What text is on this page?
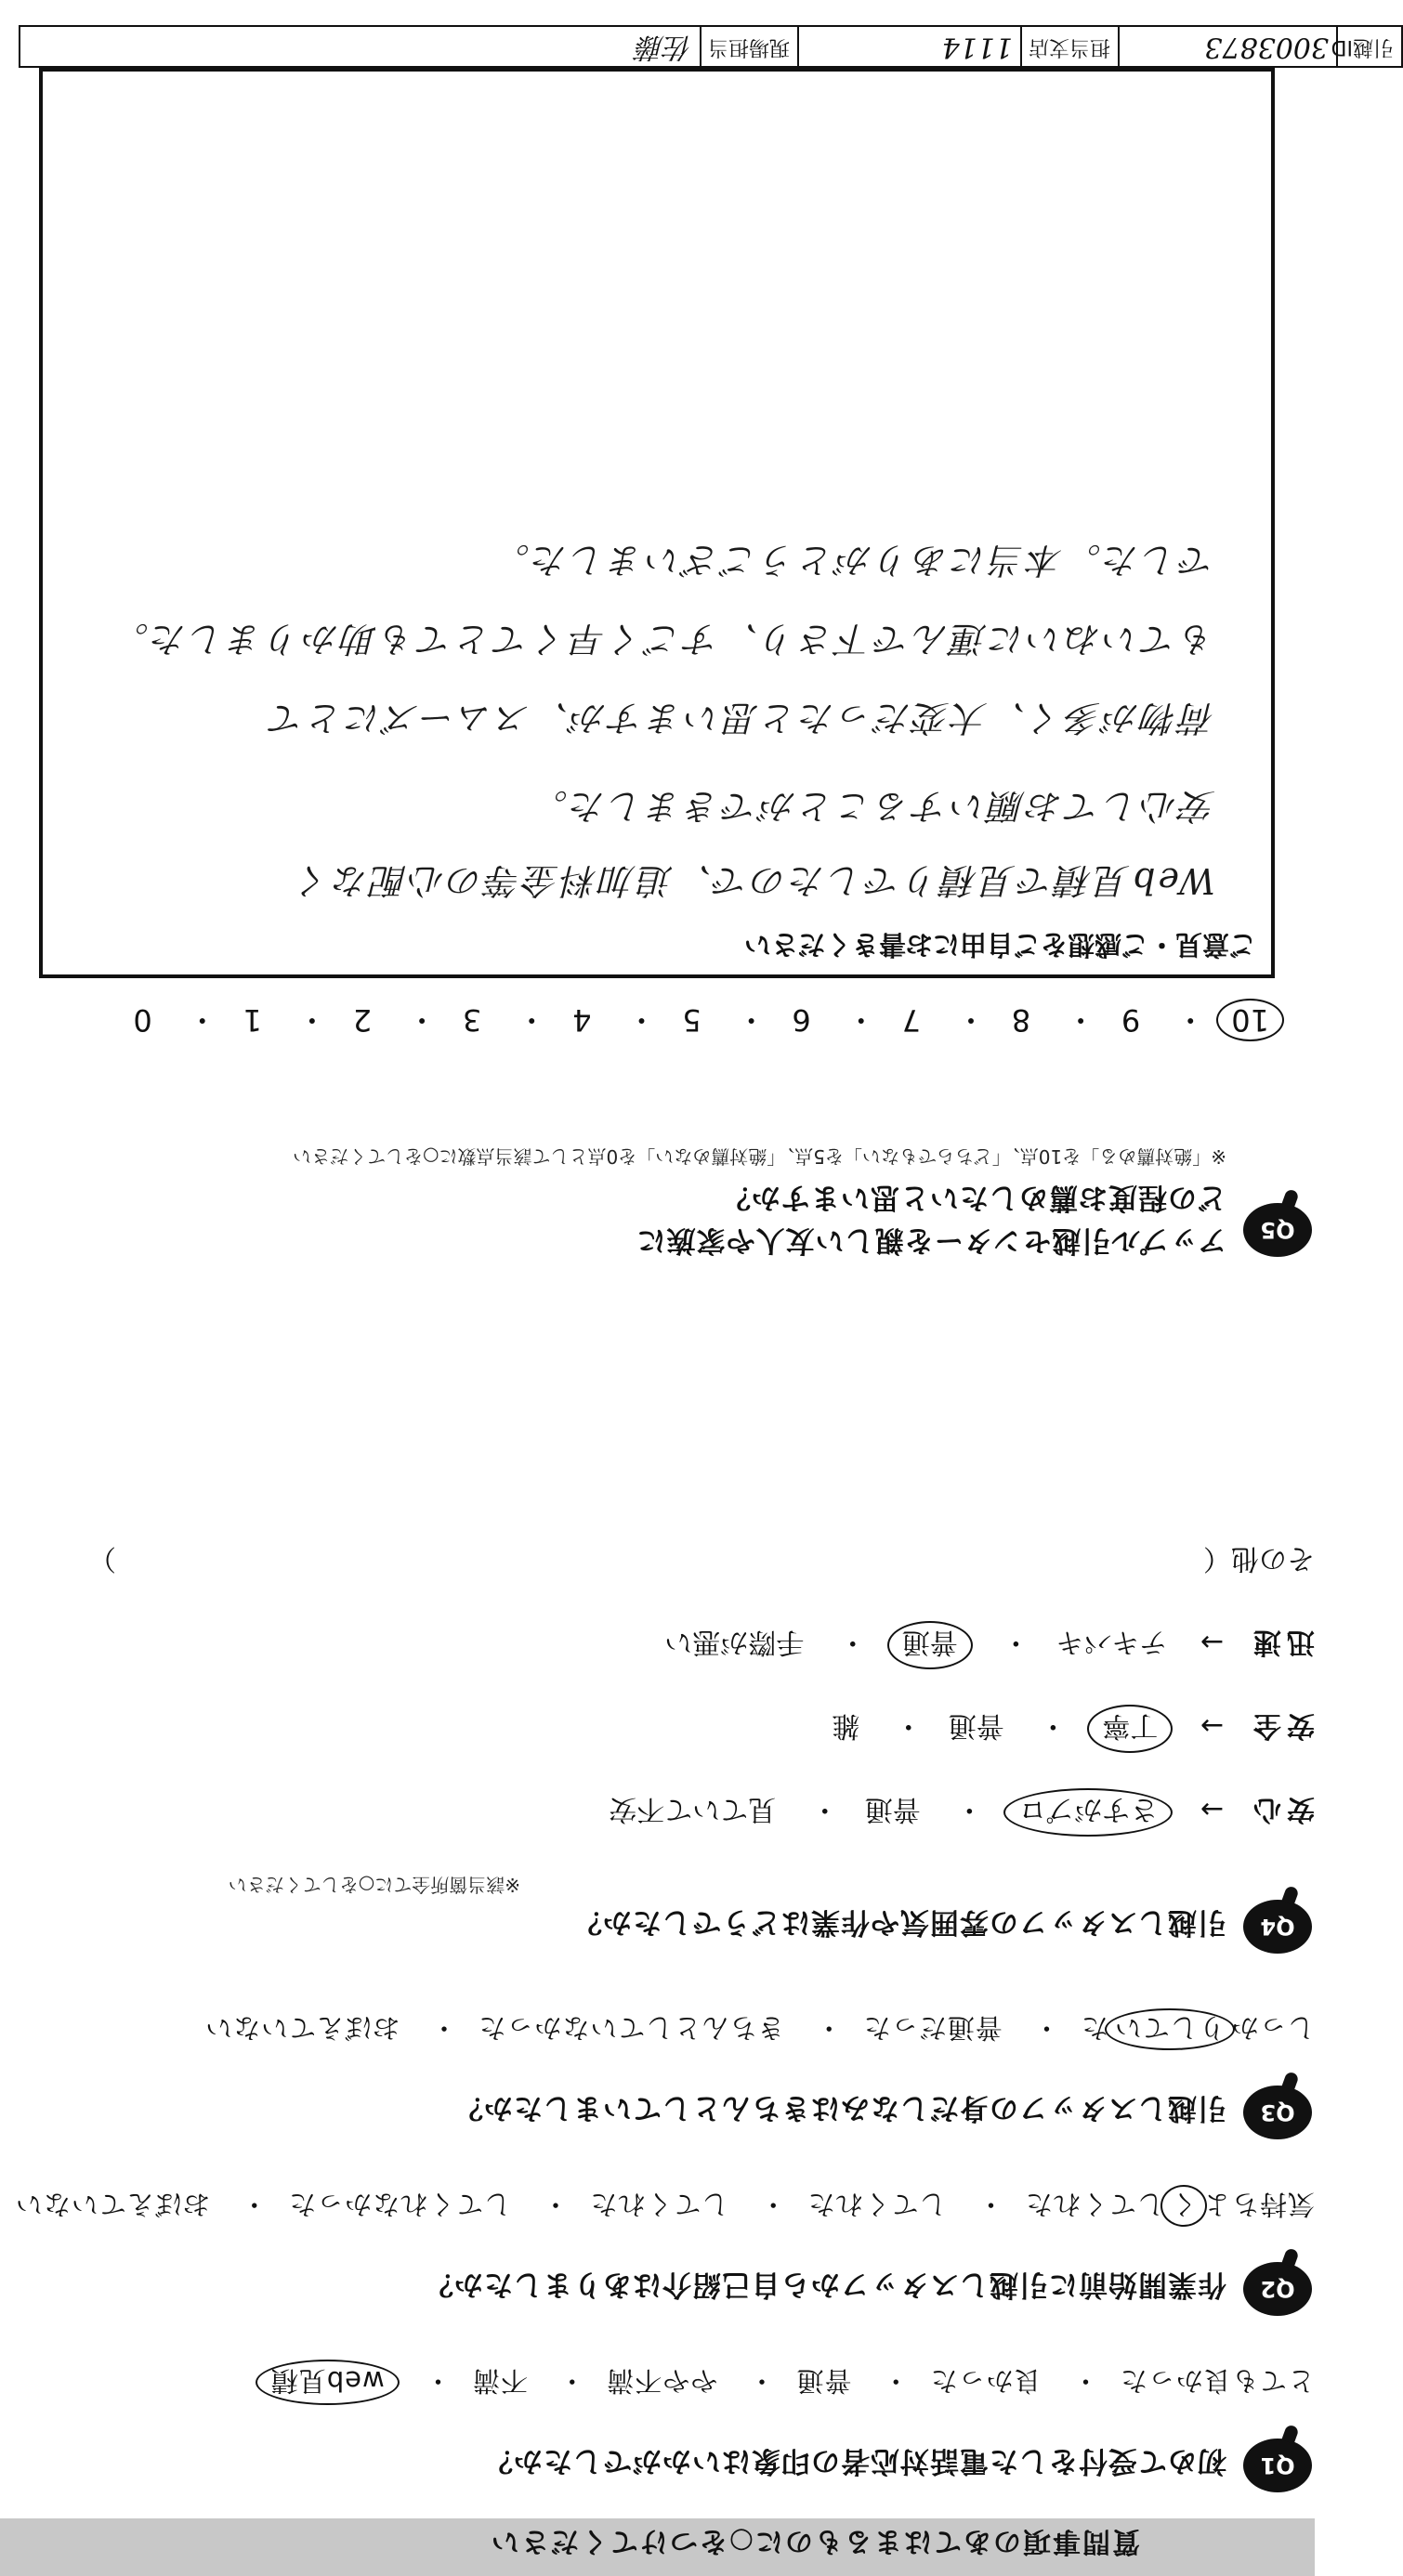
質問事項のあてはまるものに○をつけてください
Q1
初めて受付をした電話対応者の印象はいかがでしたか？
とても良かった・ 良かった・ 普通・ やや不満・ 不満・ web見積
Q2
作業開始前に引越しスタッフから自己紹介はありましたか？
気持ちよくしてくれた・ してくれた・ してくれた・ してくれなかった・ おぼえていない
Q3
引越しスタッフの身だしなみはきちんとしていましたか？
しっかりしていた・ 普通だった・ きちんとしていなかった・ おぼえていない
Q4
引越しスタッフの雰囲気や作業はどうでしたか？
※該当箇所全てに○をしてください
安心→ さすがプロ・ 普通・ 見ていて不安
安全→ 丁寧・ 普通・ 雑
迅速→ テキパキ・ 普通・ 手際が悪い
その他（
）
Q5
アップル引越センターを親しい友人や家族に
どの程度お薦めしたいと思いますか？
※「絶対薦める」を10点、「どちらでもない」を5点、「絶対薦めない」を0点として該当点数に○をしてください
10・ 9・ 8・ 7・ 6・ 5・ 4・ 3・ 2・ 1・ 0
ご意見・ご感想をご自由にお書きください
Web見積で見積りでしたので、追加料金等の心配なく
安心してお願いすることができました。
荷物が多く、大変だったと思いますが、スムーズにとて
もていねいに運んで下さり、すごく早くてとても助かりました。
でした。本当にありがとうございました。
引越ID
3003873
担当支店
1114
現場担当
佐藤
